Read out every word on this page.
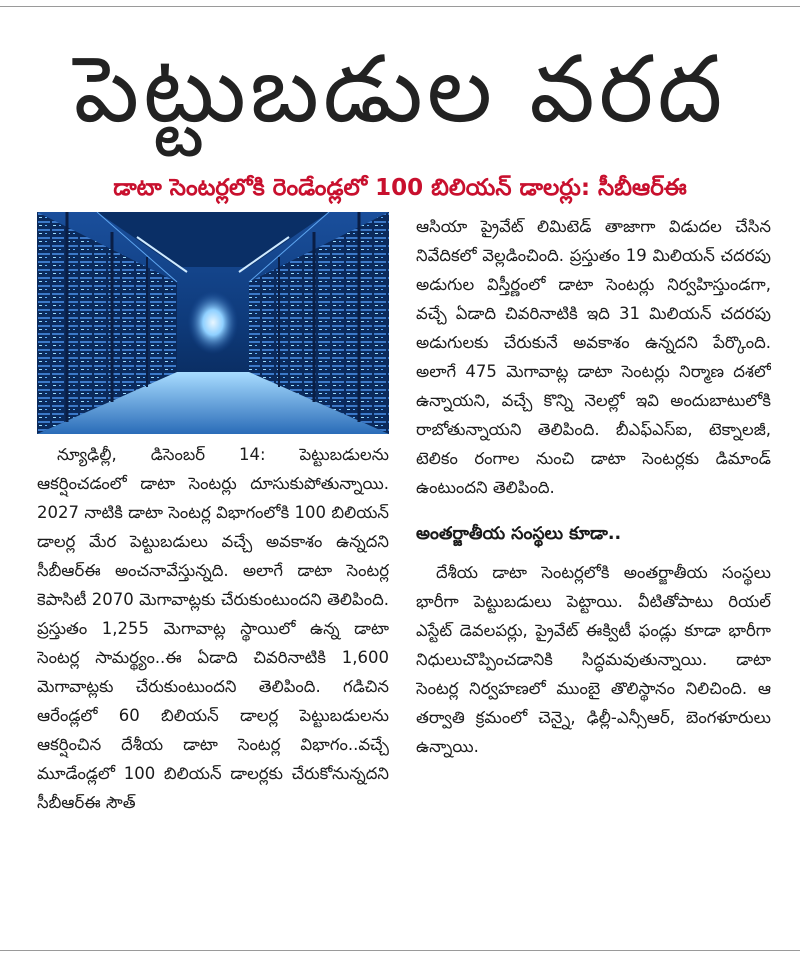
పెట్టుబడుల వరద
డాటా సెంటర్లలోకి రెండేండ్లలో 100 బిలియన్ డాలర్లు: సీబీఆర్ఈ

న్యూఢిల్లీ, డిసెంబర్ 14: పెట్టుబడులను ఆకర్షించడంలో డాటా సెంటర్లు దూసుకుపోతున్నాయి. 2027 నాటికి డాటా సెంటర్ల విభాగంలోకి 100 బిలియన్ డాలర్ల మేర పెట్టుబడులు వచ్చే అవకాశం ఉన్నదని సీబీఆర్ఈ అంచనావేస్తున్నది. అలాగే డాటా సెంటర్ల కెపాసిటీ 2070 మెగావాట్లకు చేరుకుంటుందని తెలిపింది. ప్రస్తుతం 1,255 మెగావాట్ల స్థాయిలో ఉన్న డాటా సెంటర్ల సామర్థ్యం..ఈ ఏడాది చివరినాటికి 1,600 మెగావాట్లకు చేరుకుంటుందని తెలిపింది. గడిచిన ఆరేండ్లలో 60 బిలియన్ డాలర్ల పెట్టుబడులను ఆకర్షించిన దేశీయ డాటా సెంటర్ల విభాగం..వచ్చే మూడేండ్లలో 100 బిలియన్ డాలర్లకు చేరుకోనున్నదని సీబీఆర్ఈ సౌత్

ఆసియా ప్రైవేట్ లిమిటెడ్ తాజాగా విడుదల చేసిన నివేదికలో వెల్లడించింది. ప్రస్తుతం 19 మిలియన్ చదరపు అడుగుల విస్తీర్ణంలో డాటా సెంటర్లు నిర్వహిస్తుండగా, వచ్చే ఏడాది చివరినాటికి ఇది 31 మిలియన్ చదరపు అడుగులకు చేరుకునే అవకాశం ఉన్నదని పేర్కొంది. అలాగే 475 మెగావాట్ల డాటా సెంటర్లు నిర్మాణ దశలో ఉన్నాయని, వచ్చే కొన్ని నెలల్లో ఇవి అందుబాటులోకి రాబోతున్నాయని తెలిపింది. బీఎఫ్ఎస్ఐ, టెక్నాలజీ, టెలికం రంగాల నుంచి డాటా సెంటర్లకు డిమాండ్ ఉంటుందని తెలిపింది.

అంతర్జాతీయ సంస్థలు కూడా..

దేశీయ డాటా సెంటర్లలోకి అంతర్జాతీయ సంస్థలు భారీగా పెట్టుబడులు పెట్టాయి. వీటితోపాటు రియల్ ఎస్టేట్ డెవలపర్లు, ప్రైవేట్ ఈక్విటీ ఫండ్లు కూడా భారీగా నిధులుచొప్పించడానికి సిద్ధమవుతున్నాయి. డాటా సెంటర్ల నిర్వహణలో ముంబై తొలిస్థానం నిలిచింది. ఆ తర్వాతి క్రమంలో చెన్నై, ఢిల్లీ-ఎన్సీఆర్, బెంగళూరులు ఉన్నాయి.
